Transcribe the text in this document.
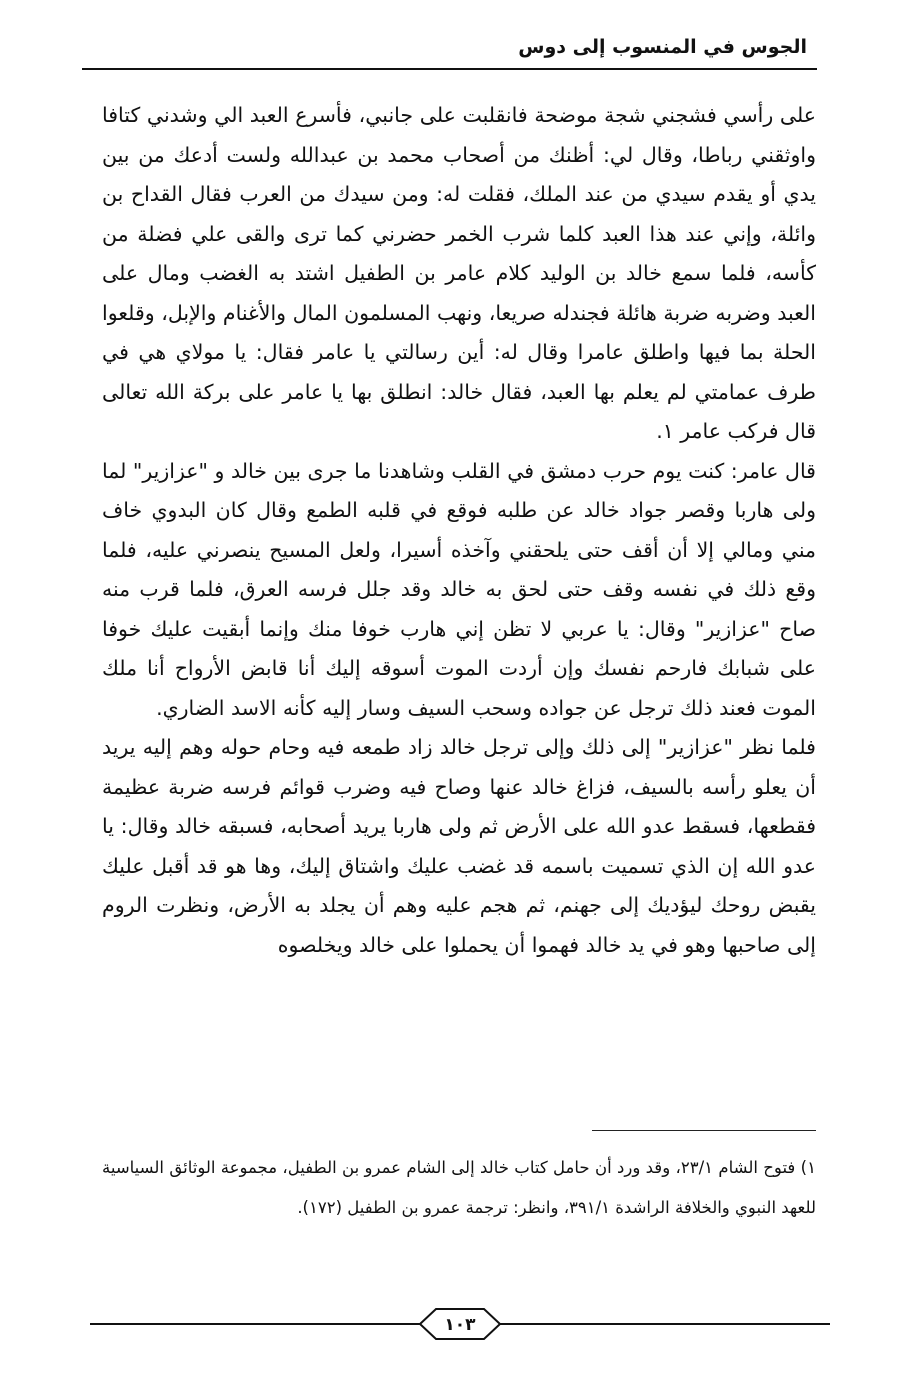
الجوس في المنسوب إلى دوس

على رأسي فشجني شجة موضحة فانقلبت على جانبي، فأسرع العبد الي وشدني كتافا واوثقني رباطا، وقال لي: أظنك من أصحاب محمد بن عبدالله ولست أدعك من بين يدي أو يقدم سيدي من عند الملك، فقلت له: ومن سيدك من العرب فقال القداح بن وائلة، وإني عند هذا العبد كلما شرب الخمر حضرني كما ترى والقى علي فضلة من كأسه، فلما سمع خالد بن الوليد كلام عامر بن الطفيل اشتد به الغضب ومال على العبد وضربه ضربة هائلة فجندله صريعا، ونهب المسلمون المال والأغنام والإبل، وقلعوا الحلة بما فيها واطلق عامرا وقال له: أين رسالتي يا عامر فقال: يا مولاي هي في طرف عمامتي لم يعلم بها العبد، فقال خالد: انطلق بها يا عامر على بركة الله تعالى قال فركب عامر ١.

قال عامر: كنت يوم حرب دمشق في القلب وشاهدنا ما جرى بين خالد و "عزازير" لما ولى هاربا وقصر جواد خالد عن طلبه فوقع في قلبه الطمع وقال كان البدوي خاف مني ومالي إلا أن أقف حتى يلحقني وآخذه أسيرا، ولعل المسيح ينصرني عليه، فلما وقع ذلك في نفسه وقف حتى لحق به خالد وقد جلل فرسه العرق، فلما قرب منه صاح "عزازير" وقال: يا عربي لا تظن إني هارب خوفا منك وإنما أبقيت عليك خوفا على شبابك فارحم نفسك وإن أردت الموت أسوقه إليك أنا قابض الأرواح أنا ملك الموت فعند ذلك ترجل عن جواده وسحب السيف وسار إليه كأنه الاسد الضاري.

فلما نظر "عزازير" إلى ذلك وإلى ترجل خالد زاد طمعه فيه وحام حوله وهم إليه يريد أن يعلو رأسه بالسيف، فزاغ خالد عنها وصاح فيه وضرب قوائم فرسه ضربة عظيمة فقطعها، فسقط عدو الله على الأرض ثم ولى هاربا يريد أصحابه، فسبقه خالد وقال: يا عدو الله إن الذي تسميت باسمه قد غضب عليك واشتاق إليك، وها هو قد أقبل عليك يقبض روحك ليؤديك إلى جهنم، ثم هجم عليه وهم أن يجلد به الأرض، ونظرت الروم إلى صاحبها وهو في يد خالد فهموا أن يحملوا على خالد ويخلصوه

١) فتوح الشام ٢٣/١، وقد ورد أن حامل كتاب خالد إلى الشام عمرو بن الطفيل، مجموعة الوثائق السياسية للعهد النبوي والخلافة الراشدة ٣٩١/١، وانظر: ترجمة عمرو بن الطفيل (١٧٢).

١٠٣
